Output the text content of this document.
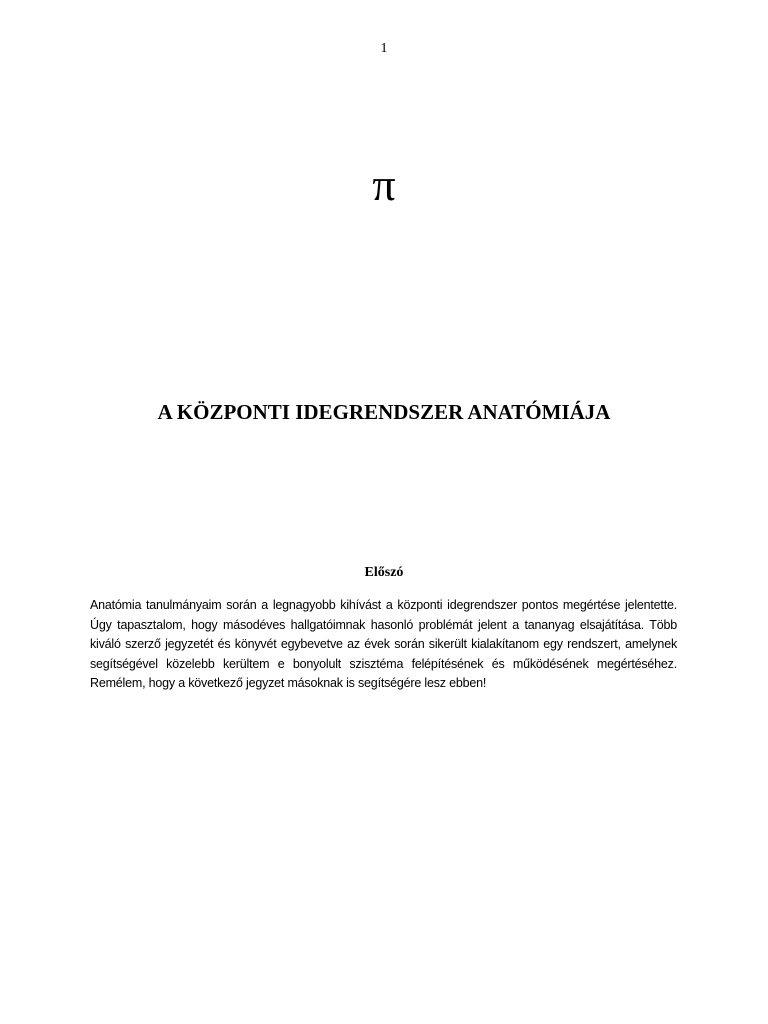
1
π
A KÖZPONTI IDEGRENDSZER ANATÓMIÁJA
Előszó

Anatómia tanulmányaim során a legnagyobb kihívást a központi idegrendszer pontos megértése jelentette. Úgy tapasztalom, hogy másodéves hallgatóimnak hasonló problémát jelent a tananyag elsajátítása. Több kiváló szerző jegyzetét és könyvét egybevetve az évek során sikerült kialakítanom egy rendszert, amelynek segítségével közelebb kerültem e bonyolult szisztéma felépítésének és működésének megértéséhez. Remélem, hogy a következő jegyzet másoknak is segítségére lesz ebben!
